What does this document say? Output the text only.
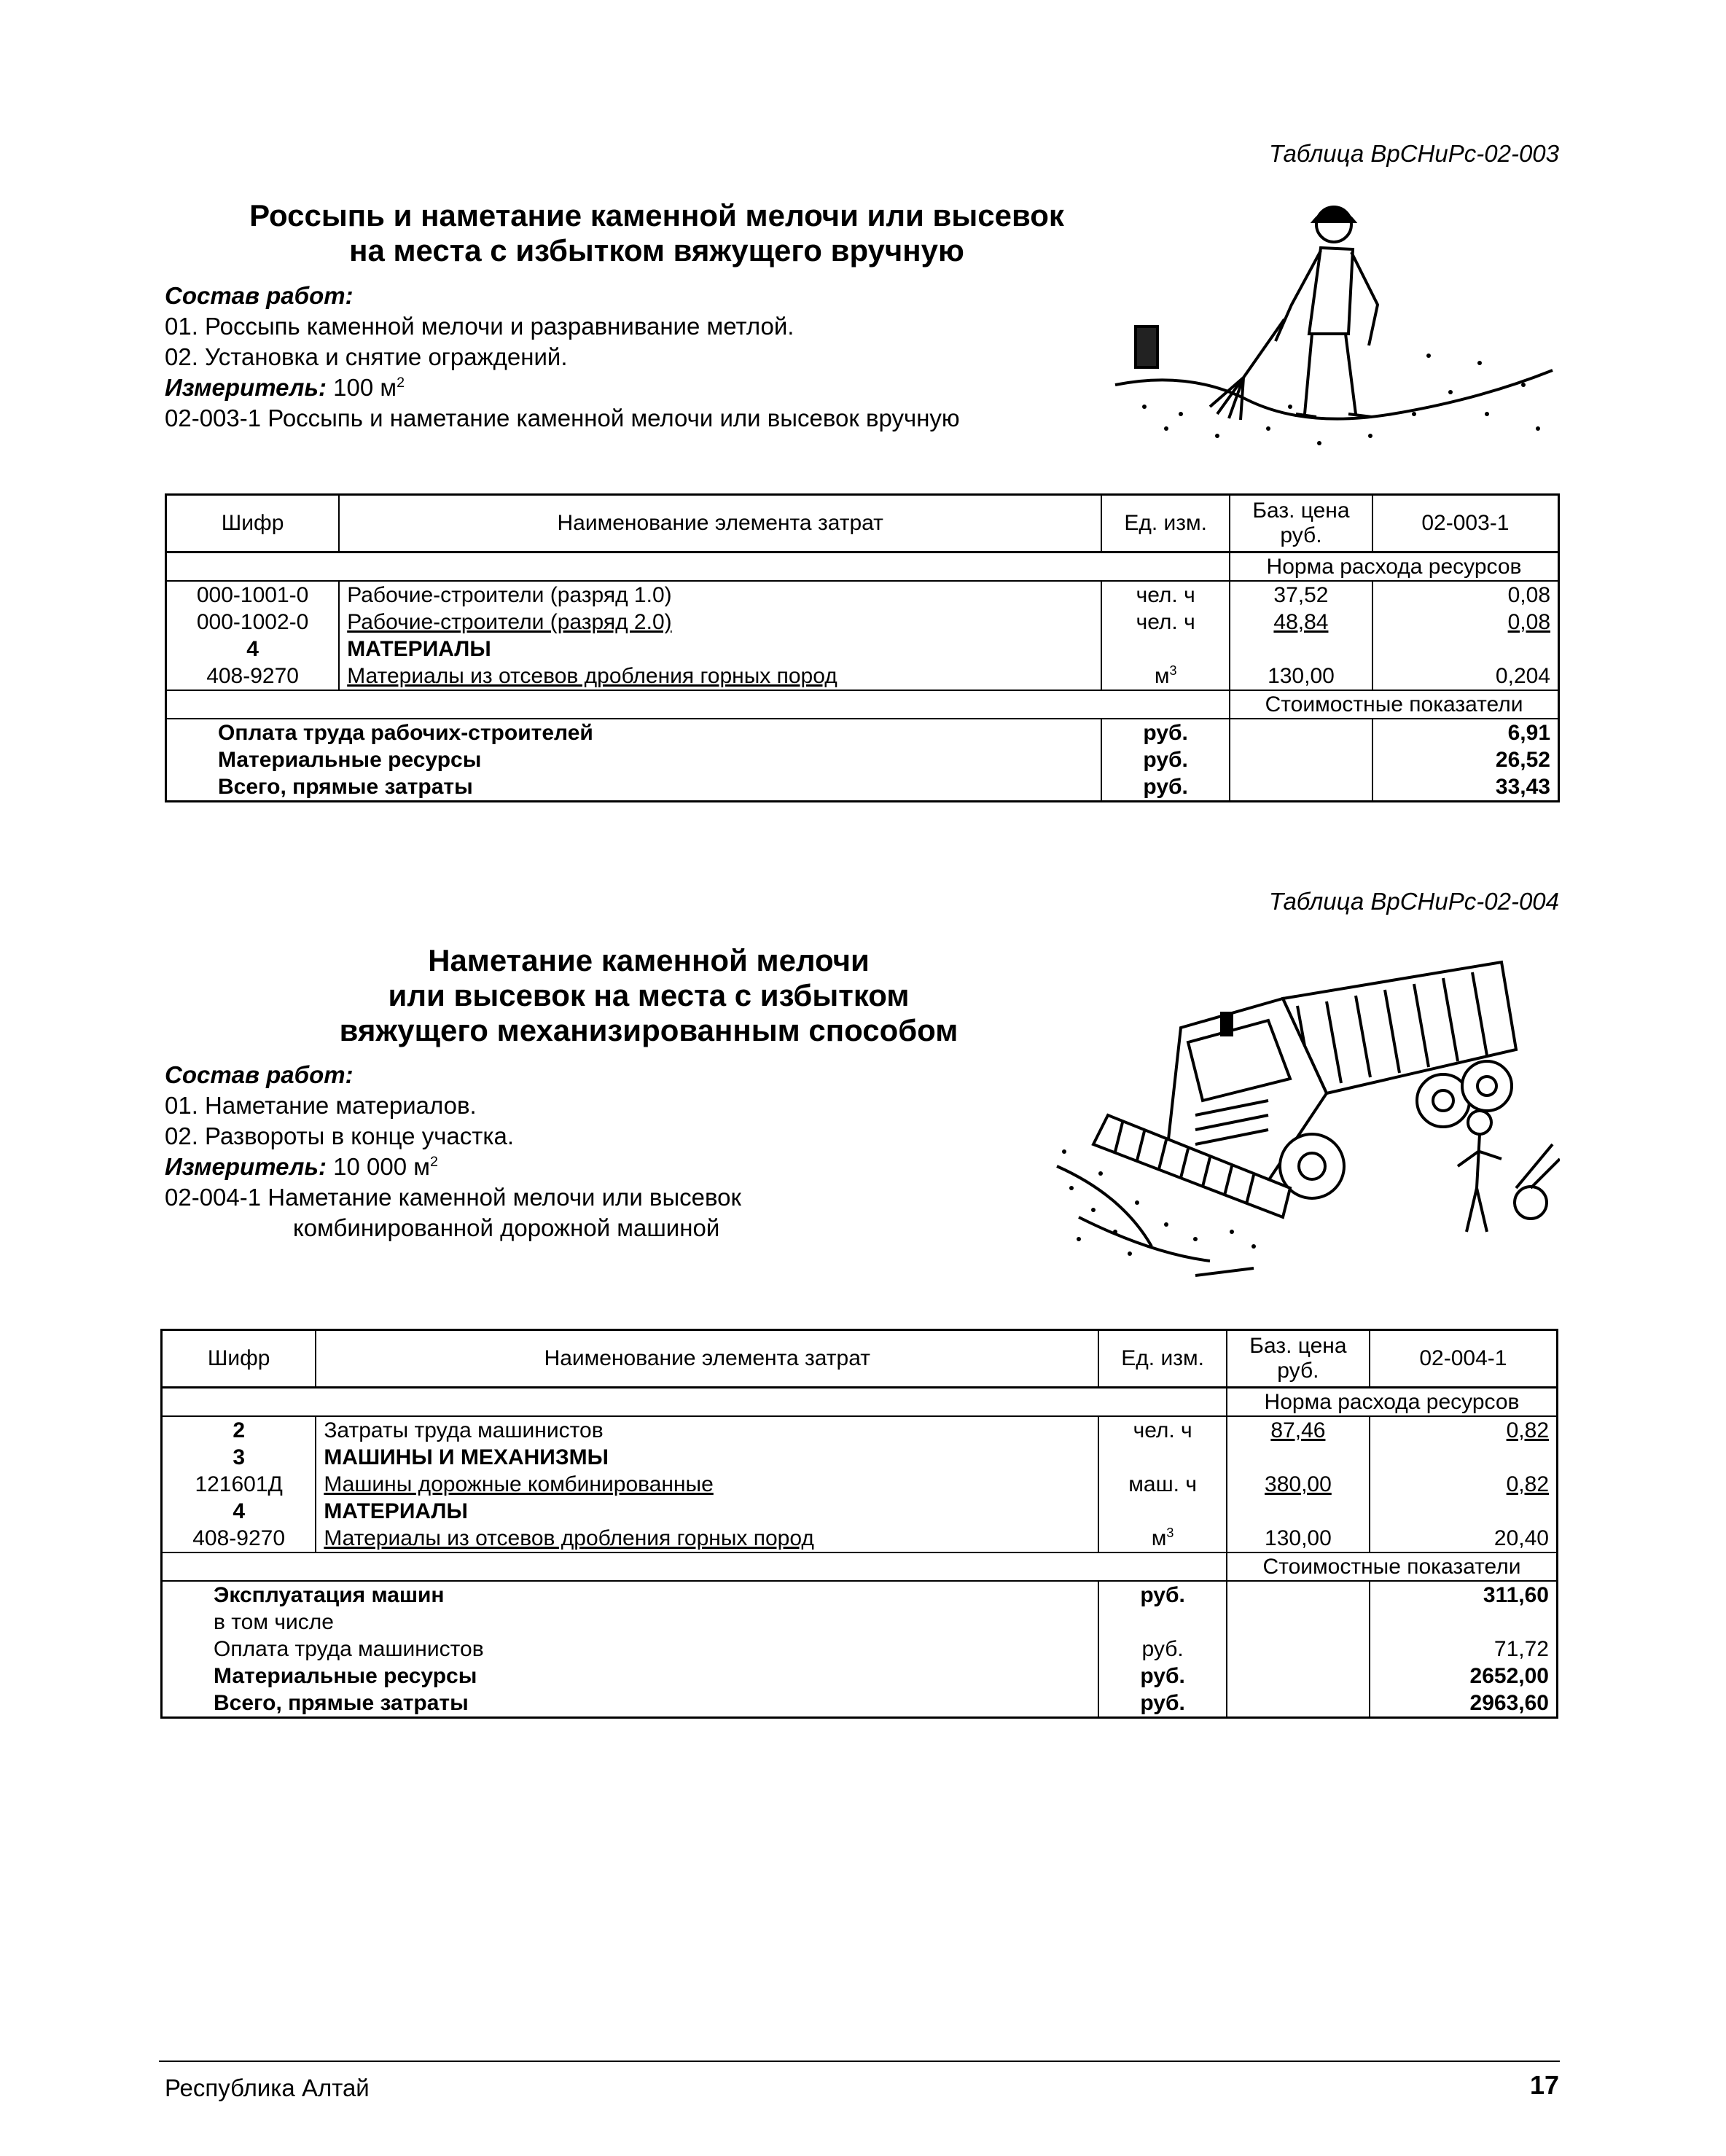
Таблица ВрСНиРс-02-003
Россыпь и наметание каменной мелочи или высевок
на места с избытком вяжущего вручную
Состав работ:
01. Россыпь каменной мелочи и разравнивание метлой.
02. Установка и снятие ограждений.
Измеритель: 100 $м^2$
02-003-1 Россыпь и наметание каменной мелочи или высевок вручную
Шифр	Наименование элемента затрат	Ед. изм.	Баз. цена руб.	02-003-1
			Норма расхода ресурсов	
000-1001-0	Рабочие-строители (разряд 1.0)	чел. ч	37,52	0,08
000-1002-0	Рабочие-строители (разряд 2.0)	чел. ч	48,84	0,08
4	МАТЕРИАЛЫ			
408-9270	Материалы из отсевов дробления горных пород	$м^3$	130,00	0,204
			Стоимостные показатели	
Оплата труда рабочих-строителей		руб.		6,91
Материальные ресурсы		руб.		26,52
Всего, прямые затраты		руб.		33,43
Таблица ВрСНиРс-02-004
Наметание каменной мелочи
или высевок на места с избытком
вяжущего механизированным способом
Состав работ:
01. Наметание материалов.
02. Развороты в конце участка.
Измеритель: 10 000 $м^2$
02-004-1 Наметание каменной мелочи или высевок
комбинированной дорожной машиной
Шифр	Наименование элемента затрат	Ед. изм.	Баз. цена руб.	02-004-1
			Норма расхода ресурсов	
2	Затраты труда машинистов	чел. ч	87,46	0,82
3	МАШИНЫ И МЕХАНИЗМЫ			
121601Д	Машины дорожные комбинированные	маш. ч	380,00	0,82
4	МАТЕРИАЛЫ			
408-9270	Материалы из отсевов дробления горных пород	$м^3$	130,00	20,40
			Стоимостные показатели	
Эксплуатация машин		руб.		311,60
в том числе				
Оплата труда машинистов		руб.		71,72
Материальные ресурсы		руб.		2652,00
Всего, прямые затраты		руб.		2963,60
Республика Алтай	17
